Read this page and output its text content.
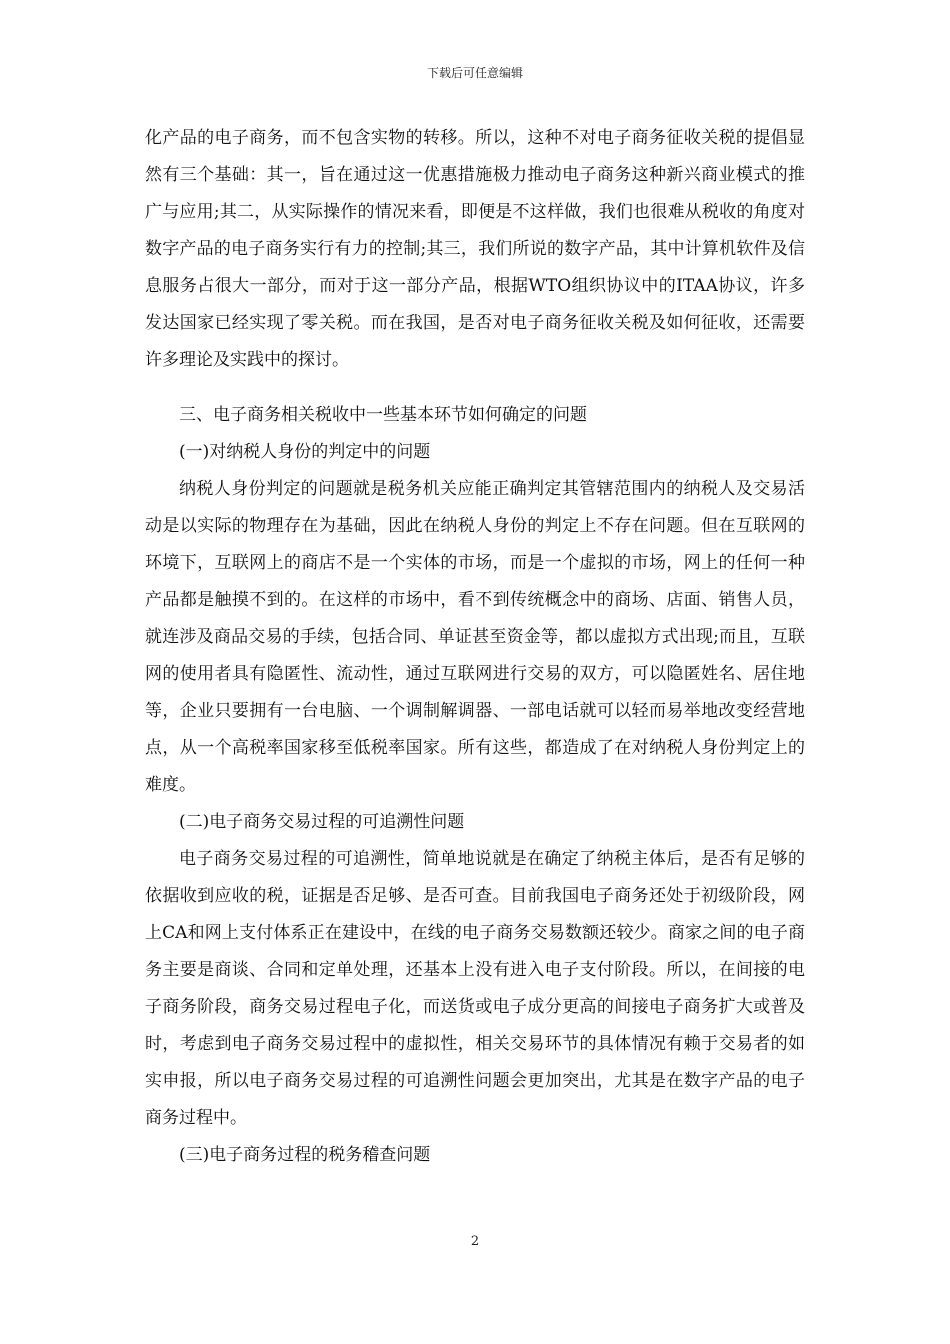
下载后可任意编辑

化产品的电子商务，而不包含实物的转移。所以，这种不对电子商务征收关税的提倡显然有三个基础：其一，旨在通过这一优惠措施极力推动电子商务这种新兴商业模式的推广与应用;其二，从实际操作的情况来看，即便是不这样做，我们也很难从税收的角度对数字产品的电子商务实行有力的控制;其三，我们所说的数字产品，其中计算机软件及信息服务占很大一部分，而对于这一部分产品，根据WTO组织协议中的ITAA协议，许多发达国家已经实现了零关税。而在我国，是否对电子商务征收关税及如何征收，还需要许多理论及实践中的探讨。

三、电子商务相关税收中一些基本环节如何确定的问题

(一)对纳税人身份的判定中的问题

纳税人身份判定的问题就是税务机关应能正确判定其管辖范围内的纳税人及交易活动是以实际的物理存在为基础，因此在纳税人身份的判定上不存在问题。但在互联网的环境下，互联网上的商店不是一个实体的市场，而是一个虚拟的市场，网上的任何一种产品都是触摸不到的。在这样的市场中，看不到传统概念中的商场、店面、销售人员，就连涉及商品交易的手续，包括合同、单证甚至资金等，都以虚拟方式出现;而且，互联网的使用者具有隐匿性、流动性，通过互联网进行交易的双方，可以隐匿姓名、居住地等，企业只要拥有一台电脑、一个调制解调器、一部电话就可以轻而易举地改变经营地点，从一个高税率国家移至低税率国家。所有这些，都造成了在对纳税人身份判定上的难度。

(二)电子商务交易过程的可追溯性问题

电子商务交易过程的可追溯性，简单地说就是在确定了纳税主体后，是否有足够的依据收到应收的税，证据是否足够、是否可查。目前我国电子商务还处于初级阶段，网上CA和网上支付体系正在建设中，在线的电子商务交易数额还较少。商家之间的电子商务主要是商谈、合同和定单处理，还基本上没有进入电子支付阶段。所以，在间接的电子商务阶段，商务交易过程电子化，而送货或电子成分更高的间接电子商务扩大或普及时，考虑到电子商务交易过程中的虚拟性，相关交易环节的具体情况有赖于交易者的如实申报，所以电子商务交易过程的可追溯性问题会更加突出，尤其是在数字产品的电子商务过程中。

(三)电子商务过程的税务稽查问题

2
